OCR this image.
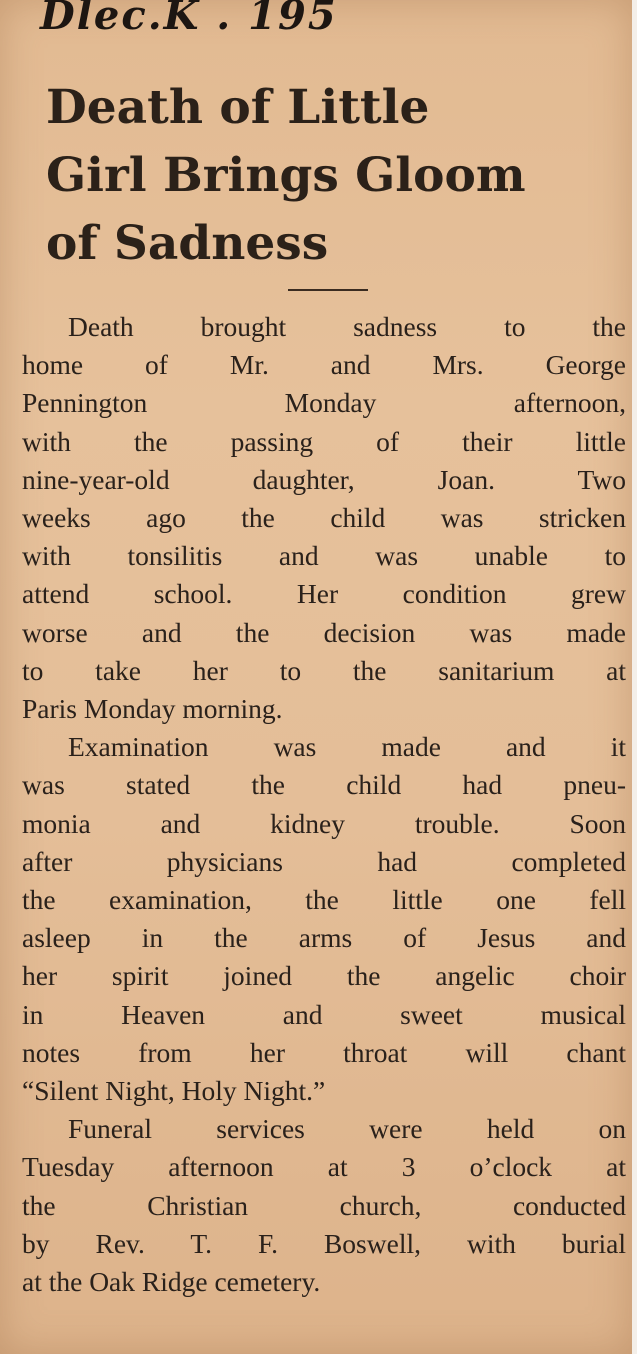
Dlec.K . 195
Death of Little
Girl Brings Gloom
of Sadness
Death brought sadness to the
home of Mr. and Mrs. George
Pennington Monday afternoon,
with the passing of their little
nine-year-old daughter, Joan. Two
weeks ago the child was stricken
with tonsilitis and was unable to
attend school. Her condition grew
worse and the decision was made
to take her to the sanitarium at
Paris Monday morning.
Examination was made and it
was stated the child had pneu-
monia and kidney trouble. Soon
after physicians had completed
the examination, the little one fell
asleep in the arms of Jesus and
her spirit joined the angelic choir
in Heaven and sweet musical
notes from her throat will chant
“Silent Night, Holy Night.”
Funeral services were held on
Tuesday afternoon at 3 o’clock at
the Christian church, conducted
by Rev. T. F. Boswell, with burial
at the Oak Ridge cemetery.
